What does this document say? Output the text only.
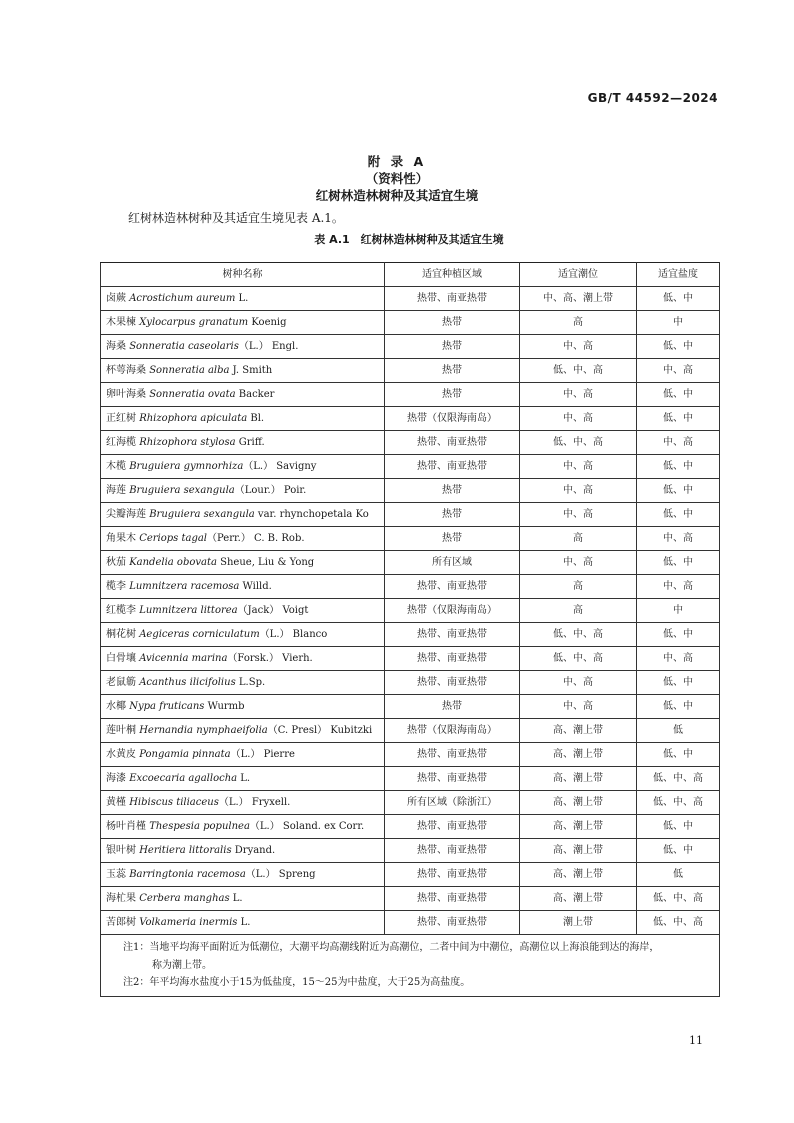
GB/T 44592—2024
附 录 A
（资料性）
红树林造林树种及其适宜生境
红树林造林树种及其适宜生境见表 A.1。
表 A.1　红树林造林树种及其适宜生境
树种名称	适宜种植区域	适宜潮位	适宜盐度
卤蕨 Acrostichum aureum L.	热带、南亚热带	中、高、潮上带	低、中
木果楝 Xylocarpus granatum Koenig	热带	高	中
海桑 Sonneratia caseolaris（L.） Engl.	热带	中、高	低、中
杯萼海桑 Sonneratia alba J. Smith	热带	低、中、高	中、高
卵叶海桑 Sonneratia ovata Backer	热带	中、高	低、中
正红树 Rhizophora apiculata Bl.	热带（仅限海南岛）	中、高	低、中
红海榄 Rhizophora stylosa Griff.	热带、南亚热带	低、中、高	中、高
木榄 Bruguiera gymnorhiza（L.） Savigny	热带、南亚热带	中、高	低、中
海莲 Bruguiera sexangula（Lour.） Poir.	热带	中、高	低、中
尖瓣海莲 Bruguiera sexangula var. rhynchopetala Ko	热带	中、高	低、中
角果木 Ceriops tagal（Perr.） C. B. Rob.	热带	高	中、高
秋茄 Kandelia obovata Sheue, Liu & Yong	所有区域	中、高	低、中
榄李 Lumnitzera racemosa Willd.	热带、南亚热带	高	中、高
红榄李 Lumnitzera littorea（Jack） Voigt	热带（仅限海南岛）	高	中
桐花树 Aegiceras corniculatum（L.） Blanco	热带、南亚热带	低、中、高	低、中
白骨壤 Avicennia marina（Forsk.） Vierh.	热带、南亚热带	低、中、高	中、高
老鼠簕 Acanthus ilicifolius L.Sp.	热带、南亚热带	中、高	低、中
水椰 Nypa fruticans Wurmb	热带	中、高	低、中
莲叶桐 Hernandia nymphaeifolia（C. Presl） Kubitzki	热带（仅限海南岛）	高、潮上带	低
水黄皮 Pongamia pinnata（L.） Pierre	热带、南亚热带	高、潮上带	低、中
海漆 Excoecaria agallocha L.	热带、南亚热带	高、潮上带	低、中、高
黄槿 Hibiscus tiliaceus（L.） Fryxell.	所有区域（除浙江）	高、潮上带	低、中、高
杨叶肖槿 Thespesia populnea（L.） Soland. ex Corr.	热带、南亚热带	高、潮上带	低、中
银叶树 Heritiera littoralis Dryand.	热带、南亚热带	高、潮上带	低、中
玉蕊 Barringtonia racemosa（L.） Spreng	热带、南亚热带	高、潮上带	低
海杧果 Cerbera manghas L.	热带、南亚热带	高、潮上带	低、中、高
苦郎树 Volkameria inermis L.	热带、南亚热带	潮上带	低、中、高

注1：当地平均海平面附近为低潮位，大潮平均高潮线附近为高潮位，二者中间为中潮位，高潮位以上海浪能到达的海岸，
称为潮上带。
注2：年平均海水盐度小于15为低盐度，15～25为中盐度，大于25为高盐度。			
11
